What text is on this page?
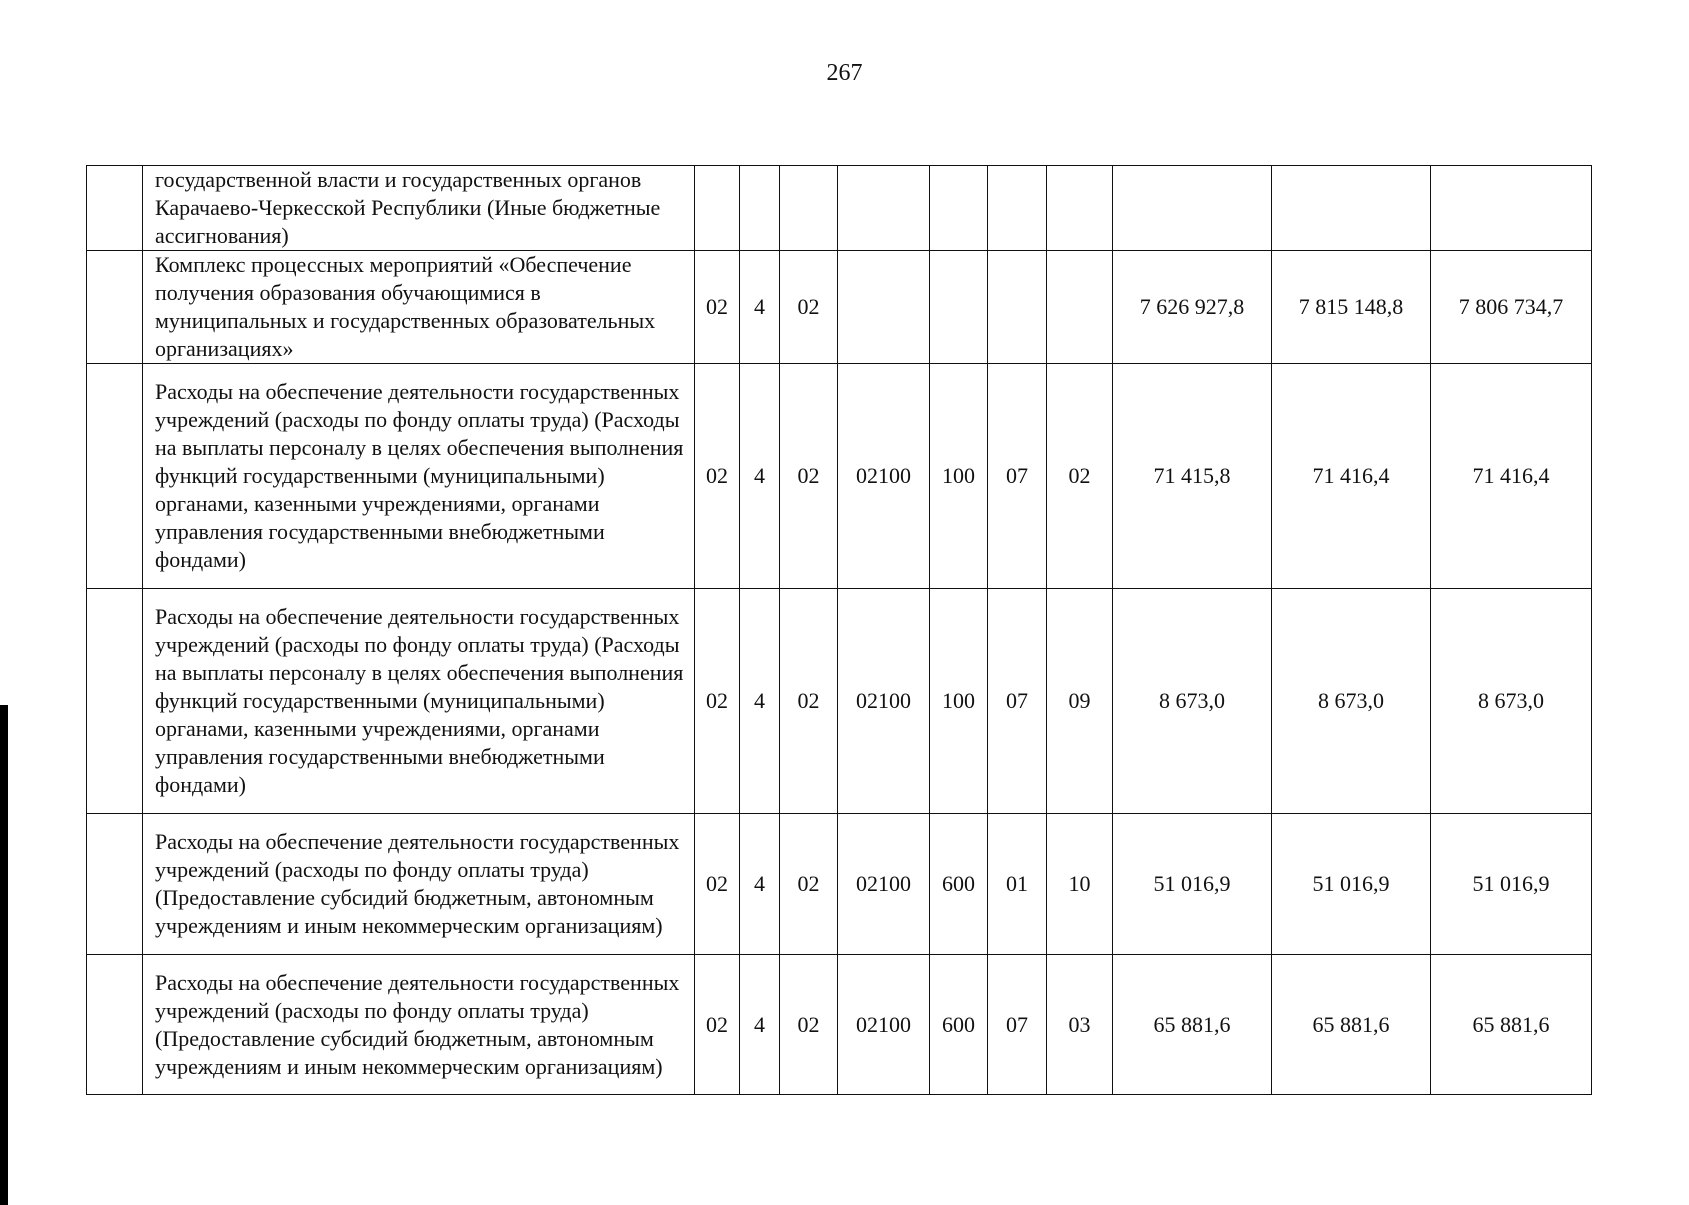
267
	государственной власти и государственных органов Карачаево-Черкесской Республики (Иные бюджетные ассигнования)										
	Комплекс процессных мероприятий «Обеспечение получения образования обучающимися в муниципальных и государственных образовательных организациях»	02	4	02					7 626 927,8	7 815 148,8	7 806 734,7
	Расходы на обеспечение деятельности государственных учреждений (расходы по фонду оплаты труда) (Расходы на выплаты персоналу в целях обеспечения выполнения функций государственными (муниципальными) органами, казенными учреждениями, органами управления государственными внебюджетными фондами)	02	4	02	02100	100	07	02	71 415,8	71 416,4	71 416,4
	Расходы на обеспечение деятельности государственных учреждений (расходы по фонду оплаты труда) (Расходы на выплаты персоналу в целях обеспечения выполнения функций государственными (муниципальными) органами, казенными учреждениями, органами управления государственными внебюджетными фондами)	02	4	02	02100	100	07	09	8 673,0	8 673,0	8 673,0
	Расходы на обеспечение деятельности государственных учреждений (расходы по фонду оплаты труда) (Предоставление субсидий бюджетным, автономным учреждениям и иным некоммерческим организациям)	02	4	02	02100	600	01	10	51 016,9	51 016,9	51 016,9
	Расходы на обеспечение деятельности государственных учреждений (расходы по фонду оплаты труда) (Предоставление субсидий бюджетным, автономным учреждениям и иным некоммерческим организациям)	02	4	02	02100	600	07	03	65 881,6	65 881,6	65 881,6
